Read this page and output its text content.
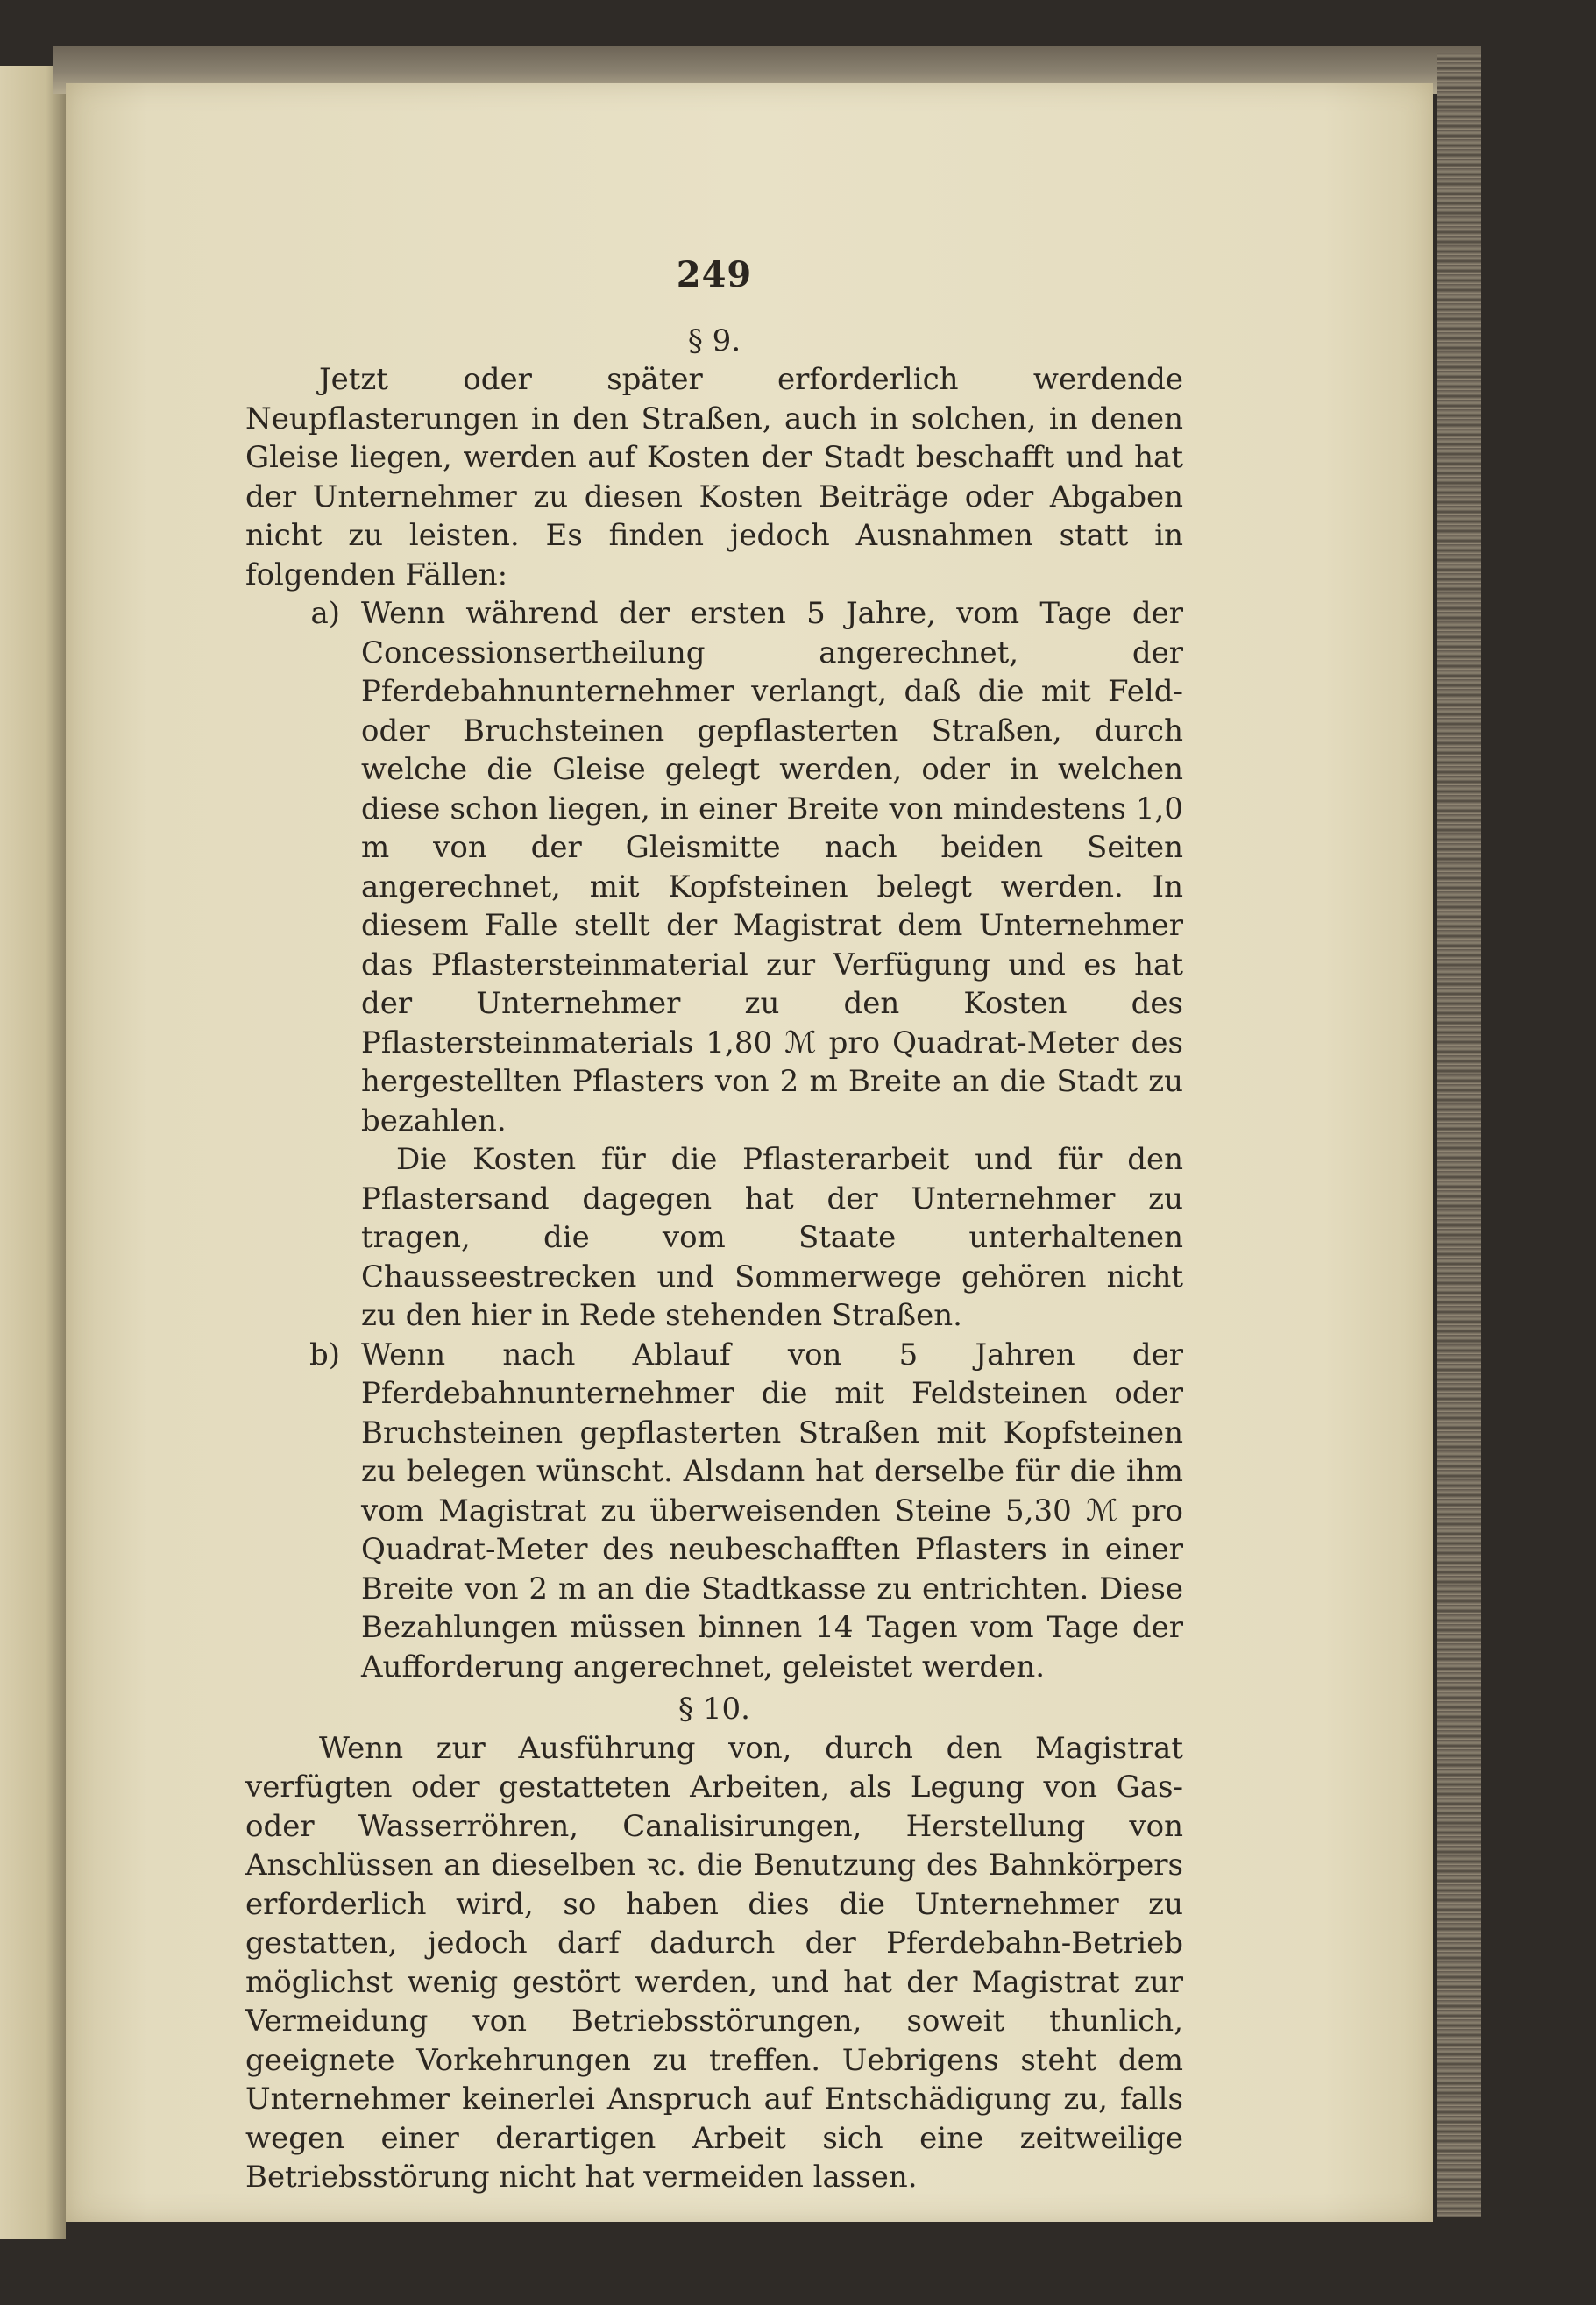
249
§ 9.

Jetzt oder später erforderlich werdende Neupflasterungen in den Straßen, auch in solchen, in denen Gleise liegen, werden auf Kosten der Stadt beschafft und hat der Unternehmer zu diesen Kosten Beiträge oder Abgaben nicht zu leisten. Es finden jedoch Ausnahmen statt in folgenden Fällen:

a) Wenn während der ersten 5 Jahre, vom Tage der Concessionsertheilung angerechnet, der Pferdebahnunternehmer verlangt, daß die mit Feld- oder Bruchsteinen gepflasterten Straßen, durch welche die Gleise gelegt werden, oder in welchen diese schon liegen, in einer Breite von mindestens 1,0 m von der Gleismitte nach beiden Seiten angerechnet, mit Kopfsteinen belegt werden. In diesem Falle stellt der Magistrat dem Unternehmer das Pflastersteinmaterial zur Verfügung und es hat der Unternehmer zu den Kosten des Pflastersteinmaterials 1,80 ℳ pro Quadrat-Meter des hergestellten Pflasters von 2 m Breite an die Stadt zu bezahlen.

Die Kosten für die Pflasterarbeit und für den Pflastersand dagegen hat der Unternehmer zu tragen, die vom Staate unterhaltenen Chausseestrecken und Sommerwege gehören nicht zu den hier in Rede stehenden Straßen.

b) Wenn nach Ablauf von 5 Jahren der Pferdebahnunternehmer die mit Feldsteinen oder Bruchsteinen gepflasterten Straßen mit Kopfsteinen zu belegen wünscht. Alsdann hat derselbe für die ihm vom Magistrat zu überweisenden Steine 5,30 ℳ pro Quadrat-Meter des neubeschafften Pflasters in einer Breite von 2 m an die Stadtkasse zu entrichten. Diese Bezahlungen müssen binnen 14 Tagen vom Tage der Aufforderung angerechnet, geleistet werden.

§ 10.

Wenn zur Ausführung von, durch den Magistrat verfügten oder gestatteten Arbeiten, als Legung von Gas- oder Wasserröhren, Canalisirungen, Herstellung von Anschlüssen an dieselben ꝛc. die Benutzung des Bahnkörpers erforderlich wird, so haben dies die Unternehmer zu gestatten, jedoch darf dadurch der Pferdebahn-Betrieb möglichst wenig gestört werden, und hat der Magistrat zur Vermeidung von Betriebsstörungen, soweit thunlich, geeignete Vorkehrungen zu treffen. Uebrigens steht dem Unternehmer keinerlei Anspruch auf Entschädigung zu, falls wegen einer derartigen Arbeit sich eine zeitweilige Betriebsstörung nicht hat vermeiden lassen.
